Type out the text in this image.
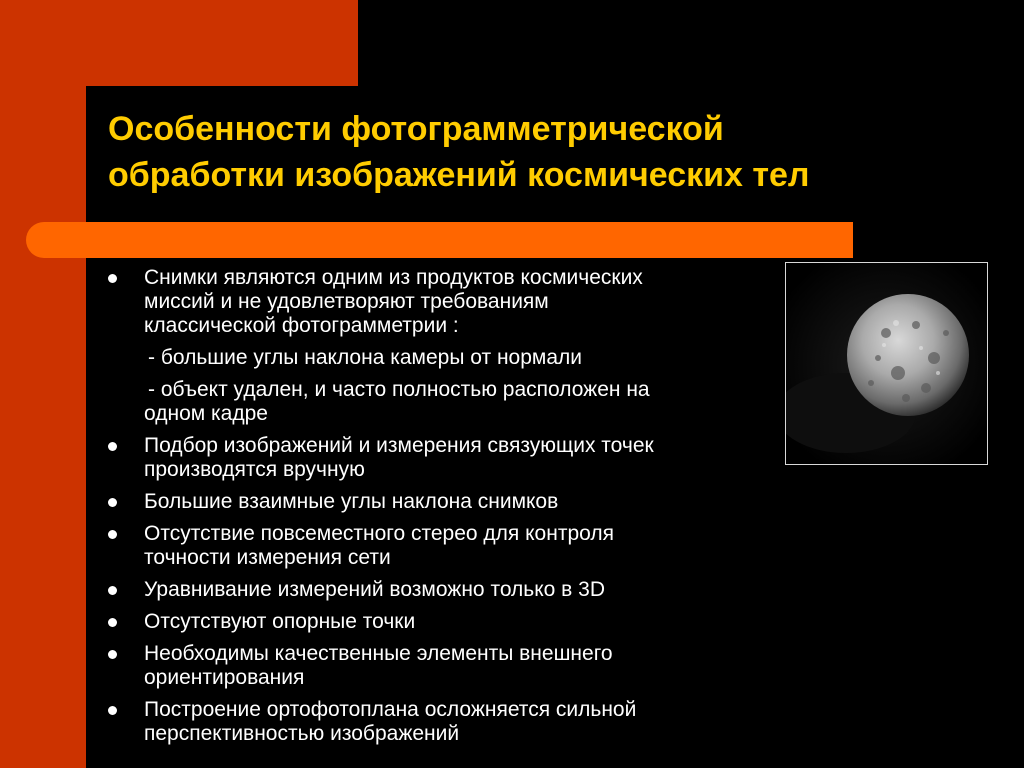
Особенности фотограмметрической
обработки изображений космических тел
Снимки являются одним из продуктов космических
миссий и не удовлетворяют требованиям
классической фотограмметрии :
- большие углы наклона камеры от нормали
- объект удален, и часто полностью расположен на
одном кадре
Подбор изображений и измерения связующих точек
производятся вручную
Большие взаимные углы наклона снимков
Отсутствие повсеместного стерео для контроля
точности измерения сети
Уравнивание измерений возможно только в 3D
Отсутствуют опорные точки
Необходимы качественные элементы внешнего
ориентирования
Построение ортофотоплана осложняется сильной
перспективностью изображений
